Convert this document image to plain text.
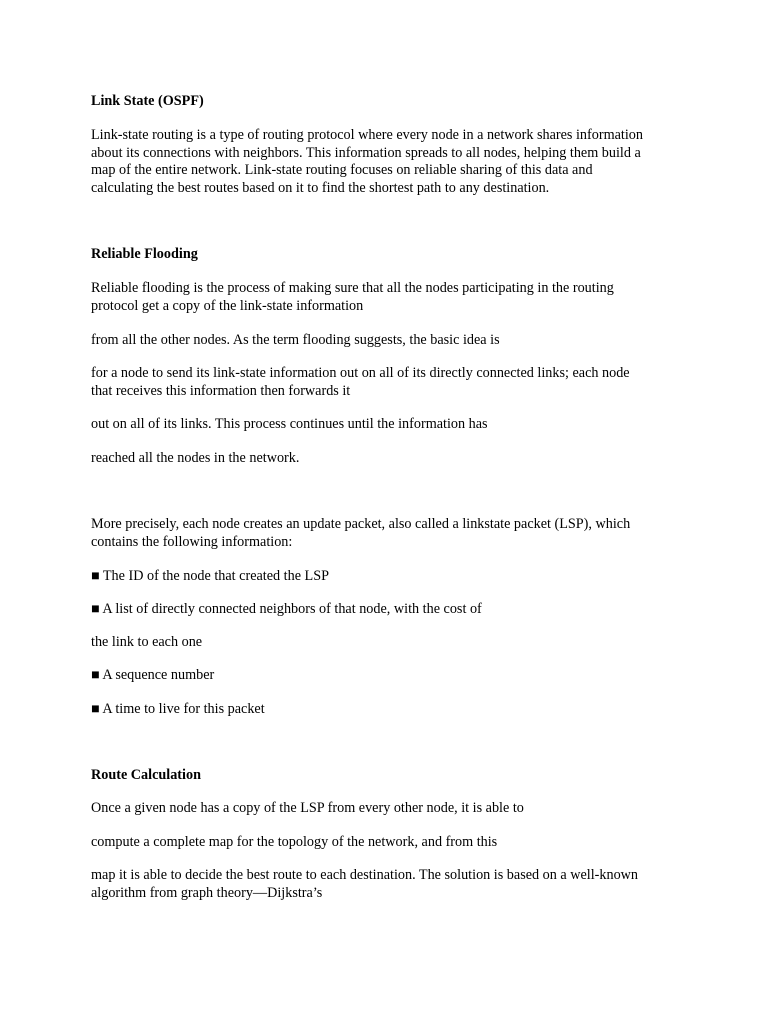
Link State (OSPF)

Link-state routing is a type of routing protocol where every node in a network shares information

about its connections with neighbors. This information spreads to all nodes, helping them build a

map of the entire network. Link-state routing focuses on reliable sharing of this data and

calculating the best routes based on it to find the shortest path to any destination.

Reliable Flooding

Reliable flooding is the process of making sure that all the nodes participating in the routing

protocol get a copy of the link-state information

from all the other nodes. As the term flooding suggests, the basic idea is

for a node to send its link-state information out on all of its directly connected links; each node

that receives this information then forwards it

out on all of its links. This process continues until the information has

reached all the nodes in the network.

More precisely, each node creates an update packet, also called a linkstate packet (LSP), which

contains the following information:

■ The ID of the node that created the LSP

■ A list of directly connected neighbors of that node, with the cost of

the link to each one

■ A sequence number

■ A time to live for this packet

Route Calculation

Once a given node has a copy of the LSP from every other node, it is able to

compute a complete map for the topology of the network, and from this

map it is able to decide the best route to each destination. The solution is based on a well-known

algorithm from graph theory—Dijkstra’s
